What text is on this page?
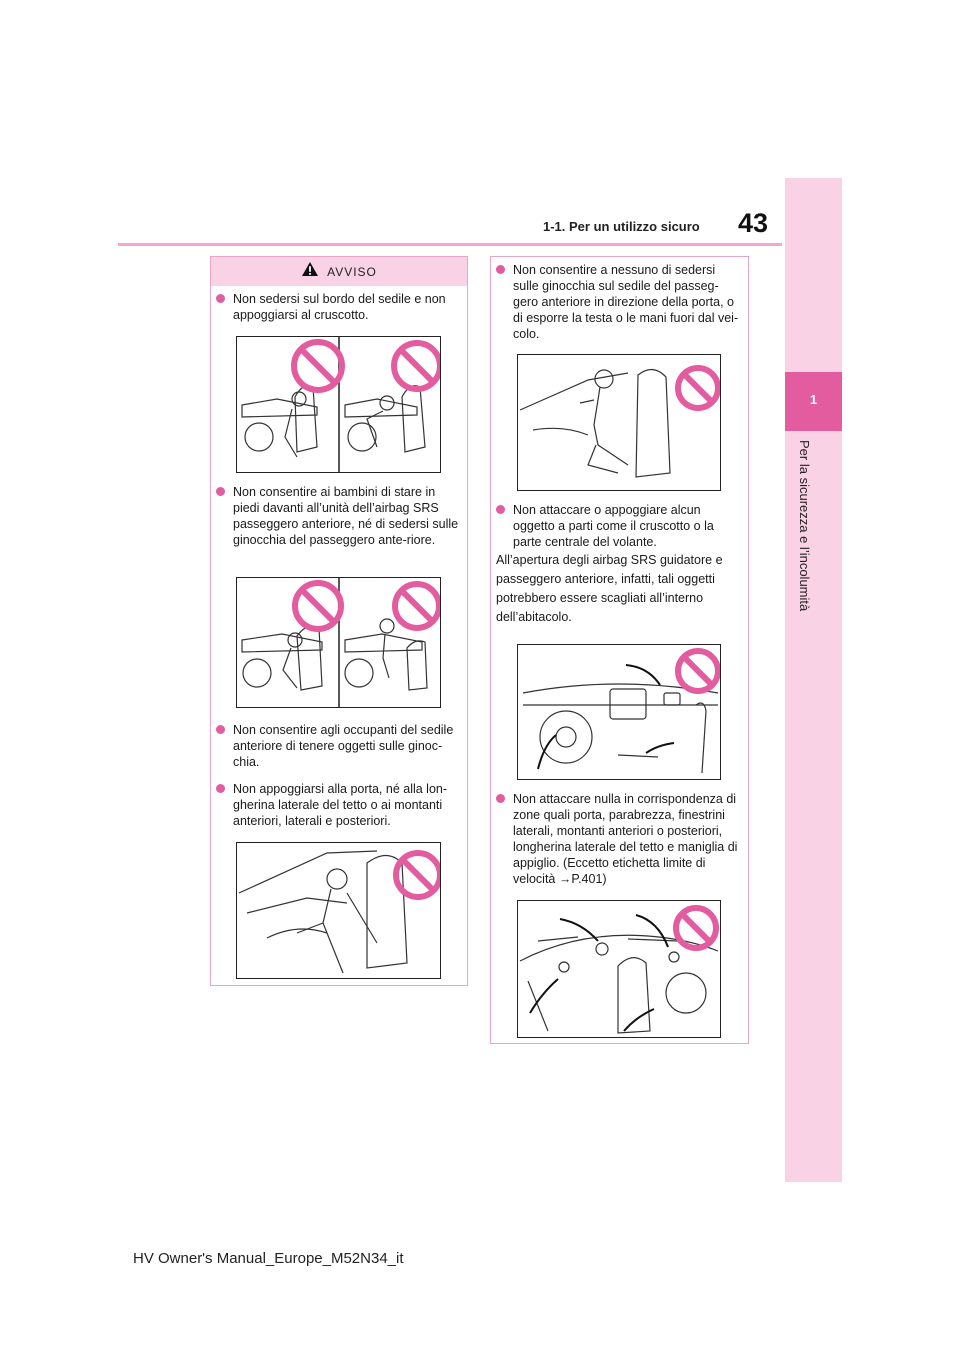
43
1-1. Per un utilizzo sicuro
1
Per la sicurezza e l’incolumità
AVVISO
Non sedersi sul bordo del sedile e non appoggiarsi al cruscotto.
Non consentire ai bambini di stare in piedi davanti all’unità dell’airbag SRS passeggero anteriore, né di sedersi sulle ginocchia del passeggero ante-riore.
Non consentire agli occupanti del sedile anteriore di tenere oggetti sulle ginoc-chia.
Non appoggiarsi alla porta, né alla lon-gherina laterale del tetto o ai montanti anteriori, laterali e posteriori.
Non consentire a nessuno di sedersi sulle ginocchia sul sedile del passeg-gero anteriore in direzione della porta, o di esporre la testa o le mani fuori dal vei-colo.
Non attaccare o appoggiare alcun oggetto a parti come il cruscotto o la parte centrale del volante.
All’apertura degli airbag SRS guidatore e
passeggero anteriore, infatti, tali oggetti
potrebbero essere scagliati all’interno
dell’abitacolo.
Non attaccare nulla in corrispondenza di zone quali porta, parabrezza, finestrini laterali, montanti anteriori o posteriori, longherina laterale del tetto e maniglia di appiglio. (Eccetto etichetta limite di velocità →P.401)
HV Owner's Manual_Europe_M52N34_it
